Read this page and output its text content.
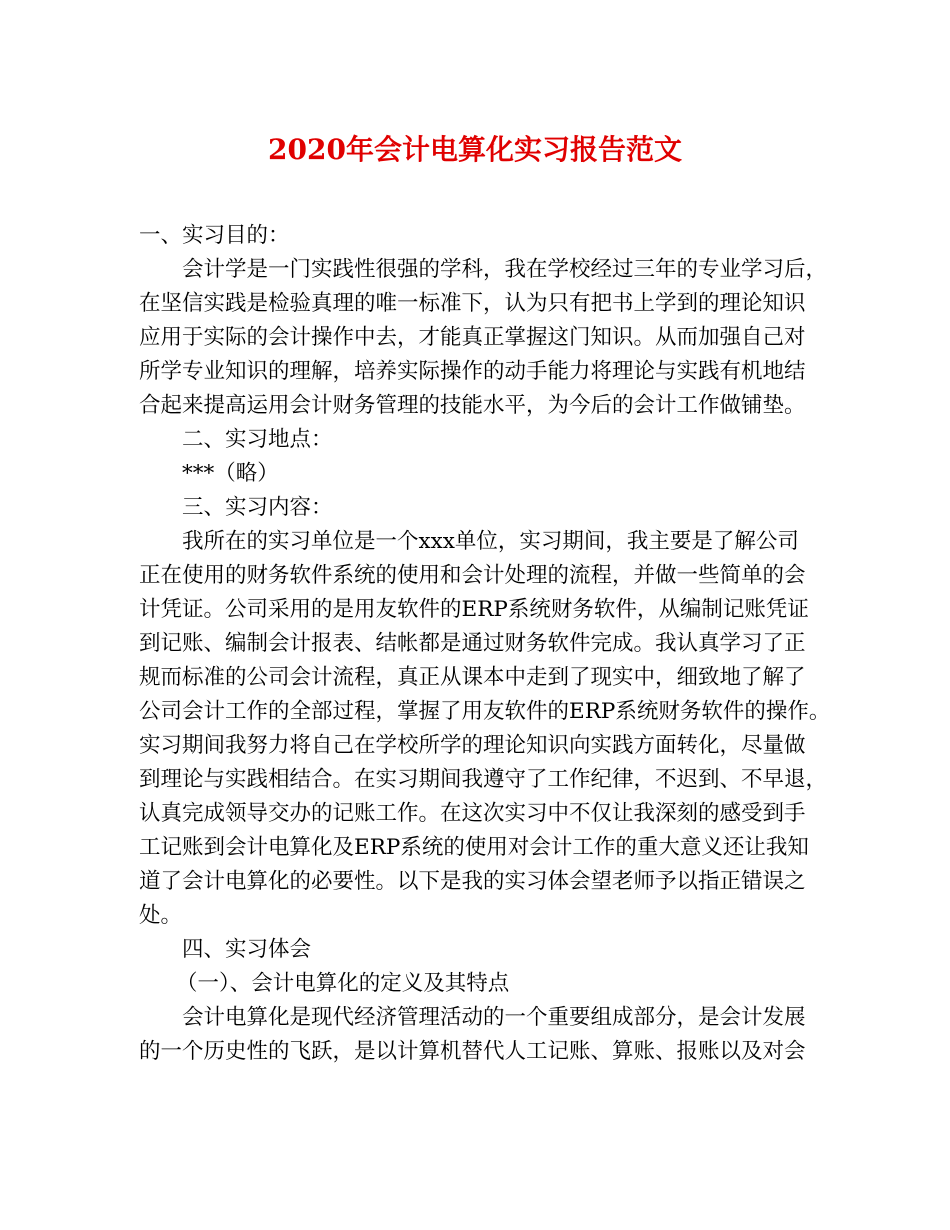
2020年会计电算化实习报告范文
一、实习目的：
会计学是一门实践性很强的学科，我在学校经过三年的专业学习后，
在坚信实践是检验真理的唯一标准下，认为只有把书上学到的理论知识
应用于实际的会计操作中去，才能真正掌握这门知识。从而加强自己对
所学专业知识的理解，培养实际操作的动手能力将理论与实践有机地结
合起来提高运用会计财务管理的技能水平，为今后的会计工作做铺垫。
二、实习地点：
***（略）
三、实习内容：
我所在的实习单位是一个xxx单位，实习期间，我主要是了解公司
正在使用的财务软件系统的使用和会计处理的流程，并做一些简单的会
计凭证。公司采用的是用友软件的ERP系统财务软件，从编制记账凭证
到记账、编制会计报表、结帐都是通过财务软件完成。我认真学习了正
规而标准的公司会计流程，真正从课本中走到了现实中，细致地了解了
公司会计工作的全部过程，掌握了用友软件的ERP系统财务软件的操作。
实习期间我努力将自己在学校所学的理论知识向实践方面转化，尽量做
到理论与实践相结合。在实习期间我遵守了工作纪律，不迟到、不早退，
认真完成领导交办的记账工作。在这次实习中不仅让我深刻的感受到手
工记账到会计电算化及ERP系统的使用对会计工作的重大意义还让我知
道了会计电算化的必要性。以下是我的实习体会望老师予以指正错误之
处。
四、实习体会
（一）、会计电算化的定义及其特点
会计电算化是现代经济管理活动的一个重要组成部分，是会计发展
的一个历史性的飞跃，是以计算机替代人工记账、算账、报账以及对会
